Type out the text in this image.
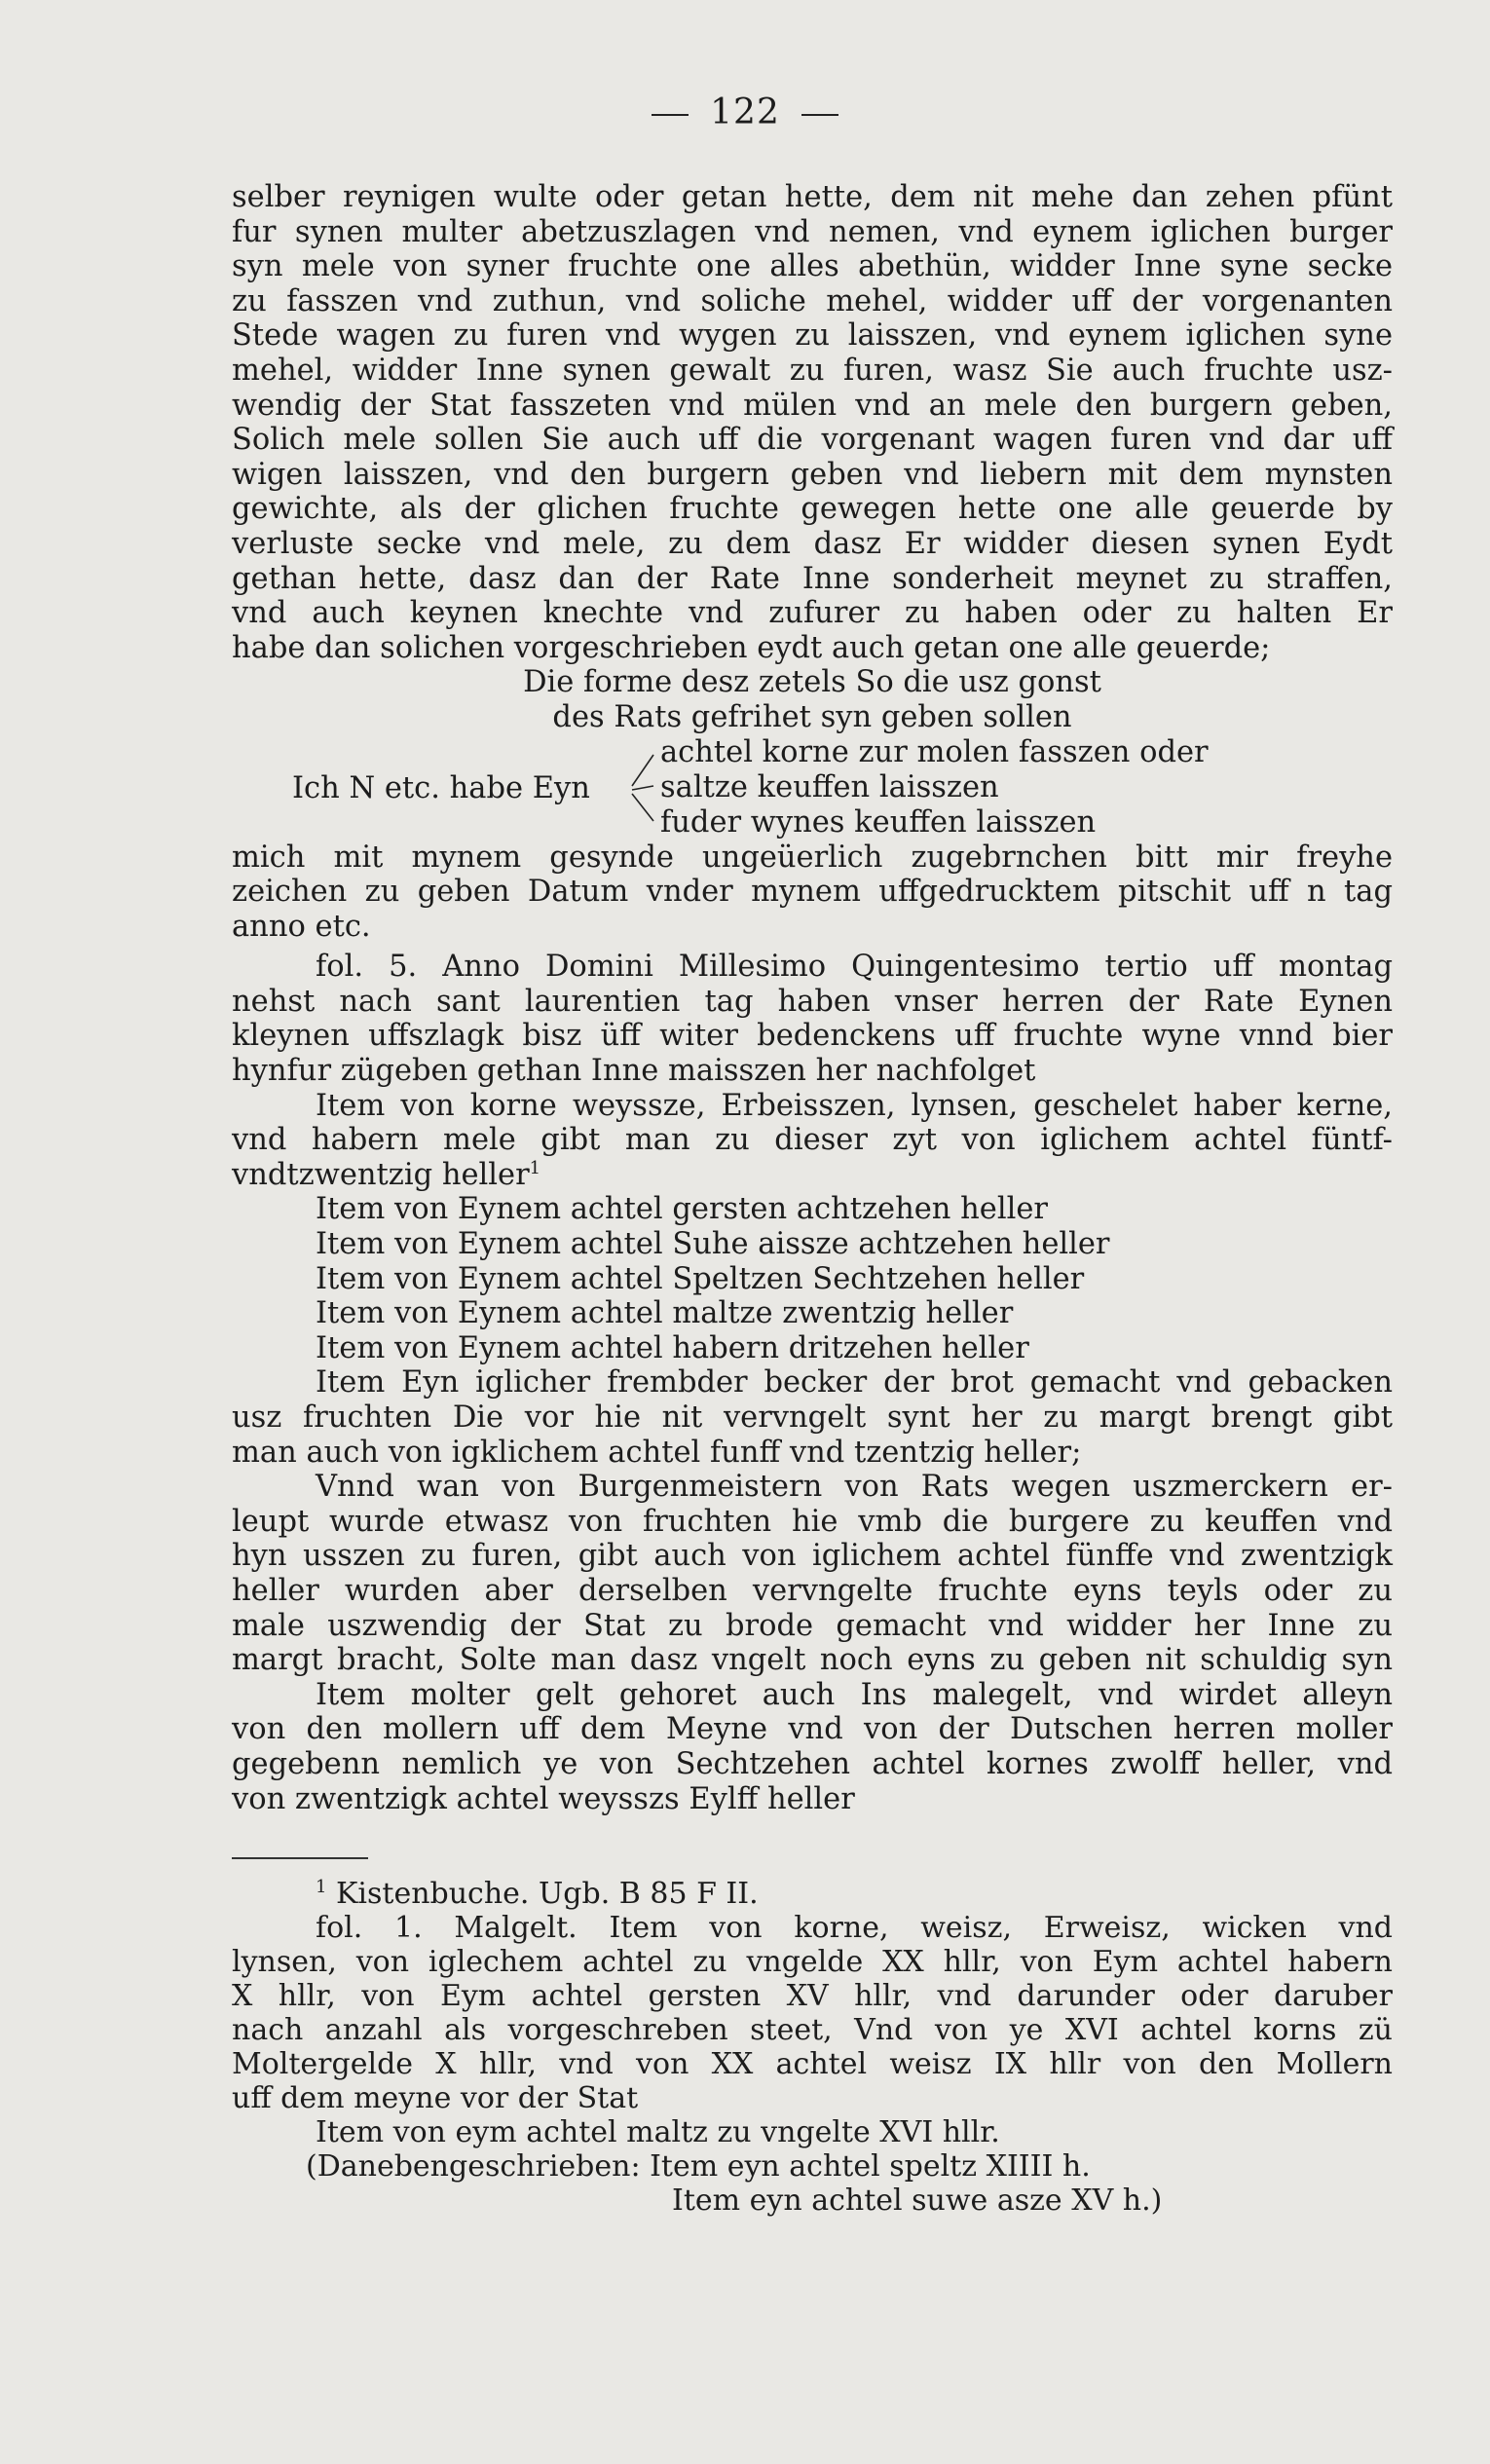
122
selber reynigen wulte oder getan hette, dem nit mehe dan zehen pfünt
fur synen multer abetzuszlagen vnd nemen, vnd eynem iglichen burger
syn mele von syner fruchte one alles abethün, widder Inne syne secke
zu fasszen vnd zuthun, vnd soliche mehel, widder uff der vorgenanten
Stede wagen zu furen vnd wygen zu laisszen, vnd eynem iglichen syne
mehel, widder Inne synen gewalt zu furen, wasz Sie auch fruchte usz-
wendig der Stat fasszeten vnd mülen vnd an mele den burgern geben,
Solich mele sollen Sie auch uff die vorgenant wagen furen vnd dar uff
wigen laisszen, vnd den burgern geben vnd liebern mit dem mynsten
gewichte, als der glichen fruchte gewegen hette one alle geuerde by
verluste secke vnd mele, zu dem dasz Er widder diesen synen Eydt
gethan hette, dasz dan der Rate Inne sonderheit meynet zu straffen,
vnd auch keynen knechte vnd zufurer zu haben oder zu halten Er
habe dan solichen vorgeschrieben eydt auch getan one alle geuerde;
Die forme desz zetels So die usz gonst
des Rats gefrihet syn geben sollen
Ich N etc. habe Eyn
achtel korne zur molen fasszen oder
saltze keuffen laisszen
fuder wynes keuffen laisszen
mich mit mynem gesynde ungeüerlich zugebrnchen bitt mir freyhe
zeichen zu geben Datum vnder mynem uffgedrucktem pitschit uff n tag
anno etc.
fol. 5. Anno Domini Millesimo Quingentesimo tertio uff montag
nehst nach sant laurentien tag haben vnser herren der Rate Eynen
kleynen uffszlagk bisz üff witer bedenckens uff fruchte wyne vnnd bier
hynfur zügeben gethan Inne maisszen her nachfolget
Item von korne weyssze, Erbeisszen, lynsen, geschelet haber kerne,
vnd habern mele gibt man zu dieser zyt von iglichem achtel füntf-
vndtzwentzig heller$^1$
Item von Eynem achtel gersten achtzehen heller
Item von Eynem achtel Suhe aissze achtzehen heller
Item von Eynem achtel Speltzen Sechtzehen heller
Item von Eynem achtel maltze zwentzig heller
Item von Eynem achtel habern dritzehen heller
Item Eyn iglicher frembder becker der brot gemacht vnd gebacken
usz fruchten Die vor hie nit vervngelt synt her zu margt brengt gibt
man auch von igklichem achtel funff vnd tzentzig heller;
Vnnd wan von Burgenmeistern von Rats wegen uszmerckern er-
leupt wurde etwasz von fruchten hie vmb die burgere zu keuffen vnd
hyn usszen zu furen, gibt auch von iglichem achtel fünffe vnd zwentzigk
heller wurden aber derselben vervngelte fruchte eyns teyls oder zu
male uszwendig der Stat zu brode gemacht vnd widder her Inne zu
margt bracht, Solte man dasz vngelt noch eyns zu geben nit schuldig syn
Item molter gelt gehoret auch Ins malegelt, vnd wirdet alleyn
von den mollern uff dem Meyne vnd von der Dutschen herren moller
gegebenn nemlich ye von Sechtzehen achtel kornes zwolff heller, vnd
von zwentzigk achtel weysszs Eylff heller
$^1$ Kistenbuche. Ugb. B 85 F II.
fol. 1. Malgelt. Item von korne, weisz, Erweisz, wicken vnd
lynsen, von iglechem achtel zu vngelde XX hllr, von Eym achtel habern
X hllr, von Eym achtel gersten XV hllr, vnd darunder oder daruber
nach anzahl als vorgeschreben steet, Vnd von ye XVI achtel korns zü
Moltergelde X hllr, vnd von XX achtel weisz IX hllr von den Mollern
uff dem meyne vor der Stat
Item von eym achtel maltz zu vngelte XVI hllr.
(Danebengeschrieben: Item eyn achtel speltz XIIII h.
Item eyn achtel suwe asze XV h.)
